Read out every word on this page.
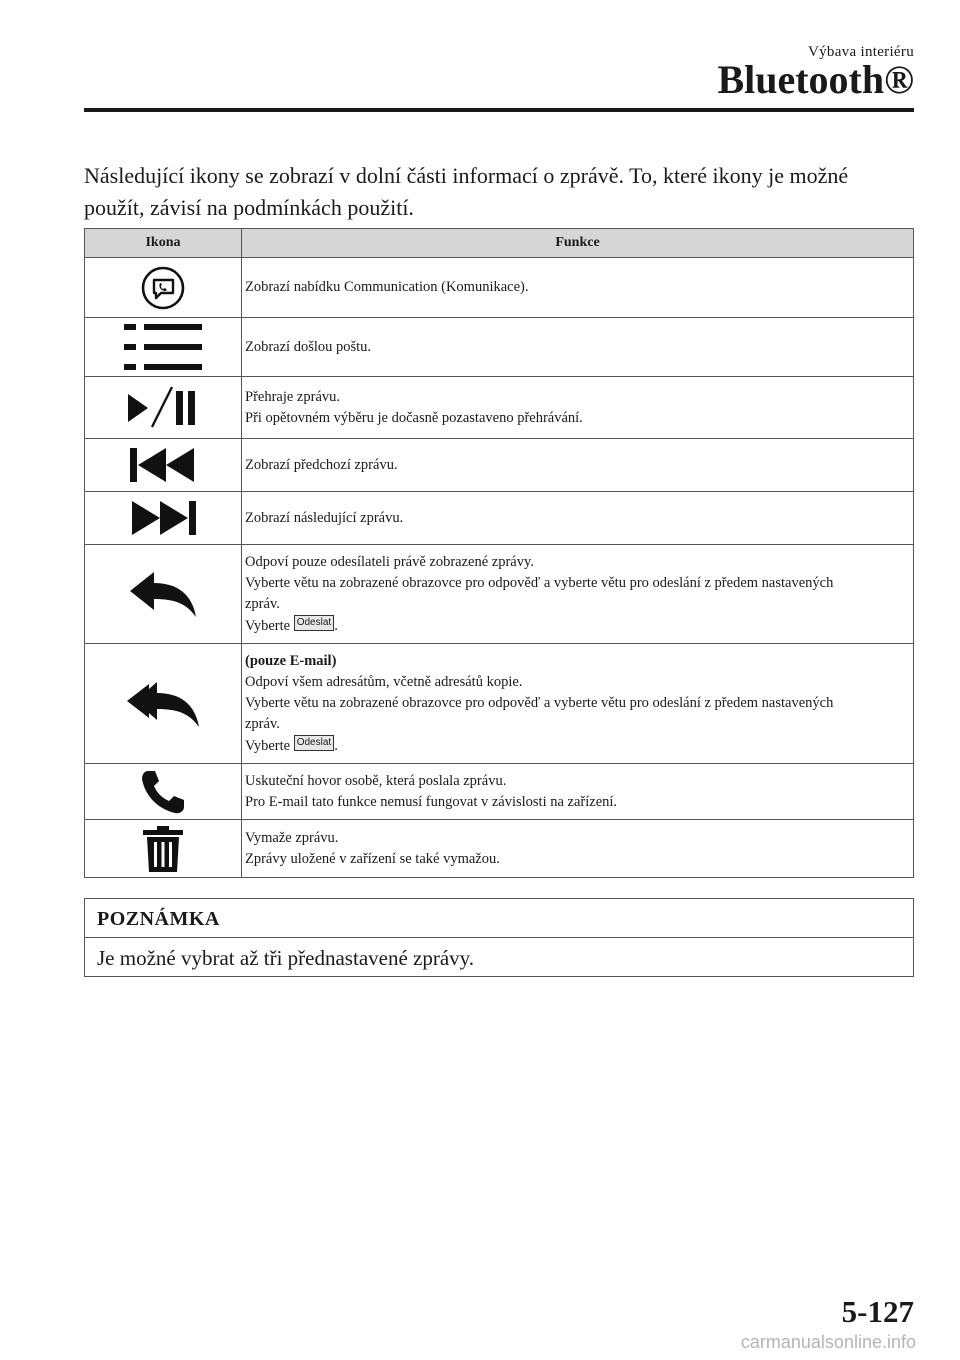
Výbava interiéru
Bluetooth®
Následující ikony se zobrazí v dolní části informací o zprávě. To, které ikony je možné použít, závisí na podmínkách použití.
Ikona	Funkce

Zobrazí nabídku Communication (Komunikace).

Zobrazí došlou poštu.

Přehraje zprávu.
Při opětovném výběru je dočasně pozastaveno přehrávání.

Zobrazí předchozí zprávu.

Zobrazí následující zprávu.

Odpoví pouze odesílateli právě zobrazené zprávy.
Vyberte větu na zobrazené obrazovce pro odpověď a vyberte větu pro odeslání z předem nastavených
zpráv.
Vyberte Odeslat .

(pouze E-mail)
Odpoví všem adresátům, včetně adresátů kopie.
Vyberte větu na zobrazené obrazovce pro odpověď a vyberte větu pro odeslání z předem nastavených
zpráv.
Vyberte Odeslat .

Uskuteční hovor osobě, která poslala zprávu.
Pro E-mail tato funkce nemusí fungovat v závislosti na zařízení.

Vymaže zprávu.
Zprávy uložené v zařízení se také vymažou.
POZNÁMKA
Je možné vybrat až tři přednastavené zprávy.
5-127
carmanualsonline.info
